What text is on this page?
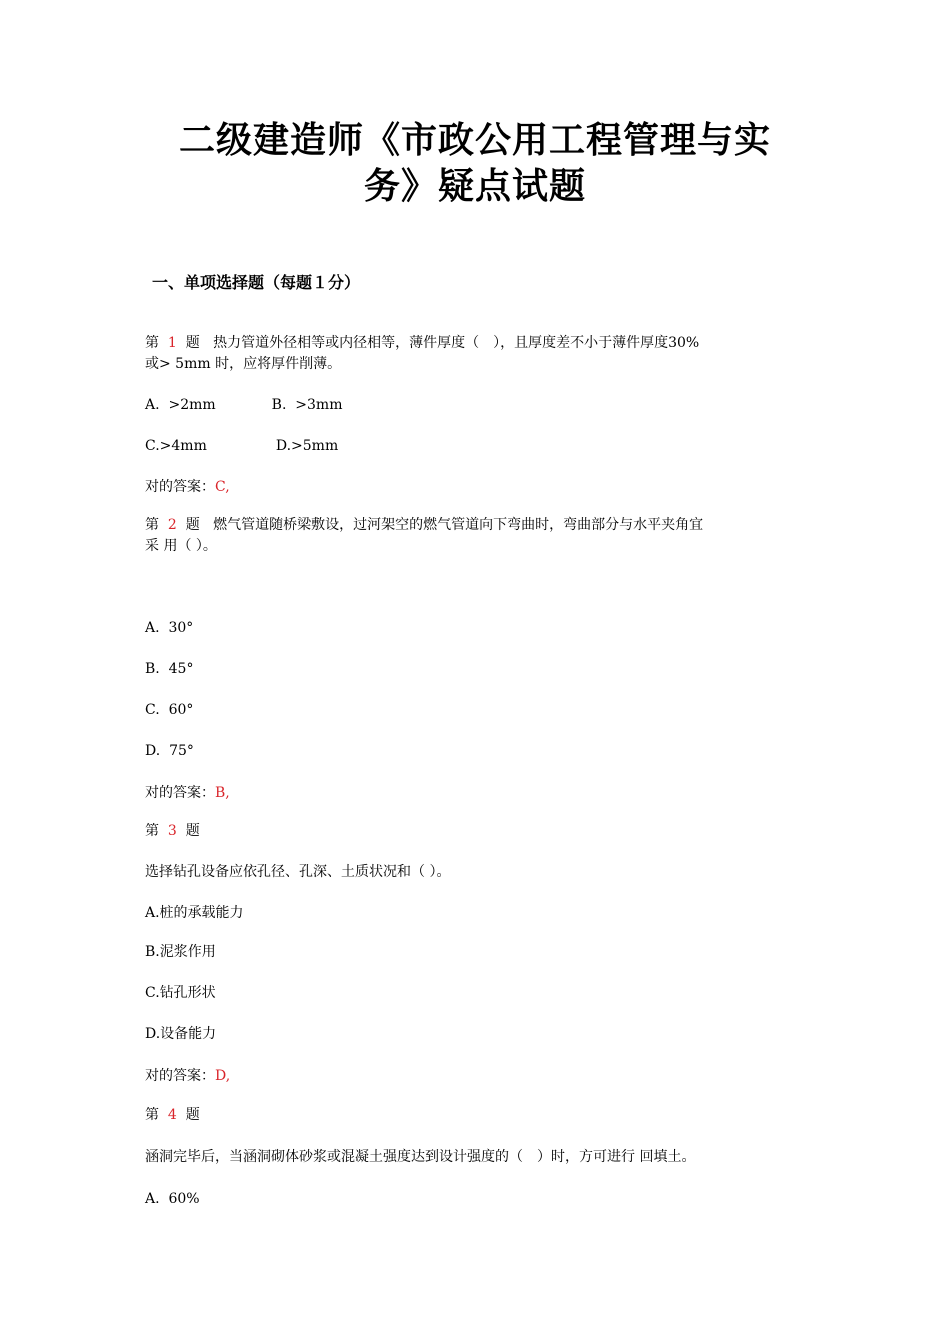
二级建造师《市政公用工程管理与实
务》疑点试题
一、单项选择题（每题１分）

第 1 题 热力管道外径相等或内径相等，薄件厚度（　），且厚度差不小于薄件厚度30%

或> 5mm 时，应将厚件削薄。

A.  >2mm	B.  >3mm

C.>4mm	D.>5mm

对的答案：C,

第 2 题 燃气管道随桥梁敷设，过河架空的燃气管道向下弯曲时，弯曲部分与水平夹角宜

采 用（ ）。

A.  30°

B.  45°

C.  60°

D.  75°

对的答案：B,

第 3 题

选择钻孔设备应依孔径、孔深、土质状况和（ ）。

A.桩的承载能力

B.泥浆作用

C.钻孔形状

D.设备能力

对的答案：D,

第 4 题

涵洞完毕后，当涵洞砌体砂浆或混凝土强度达到设计强度的（　）时，方可进行 回填土。

A.  60%
